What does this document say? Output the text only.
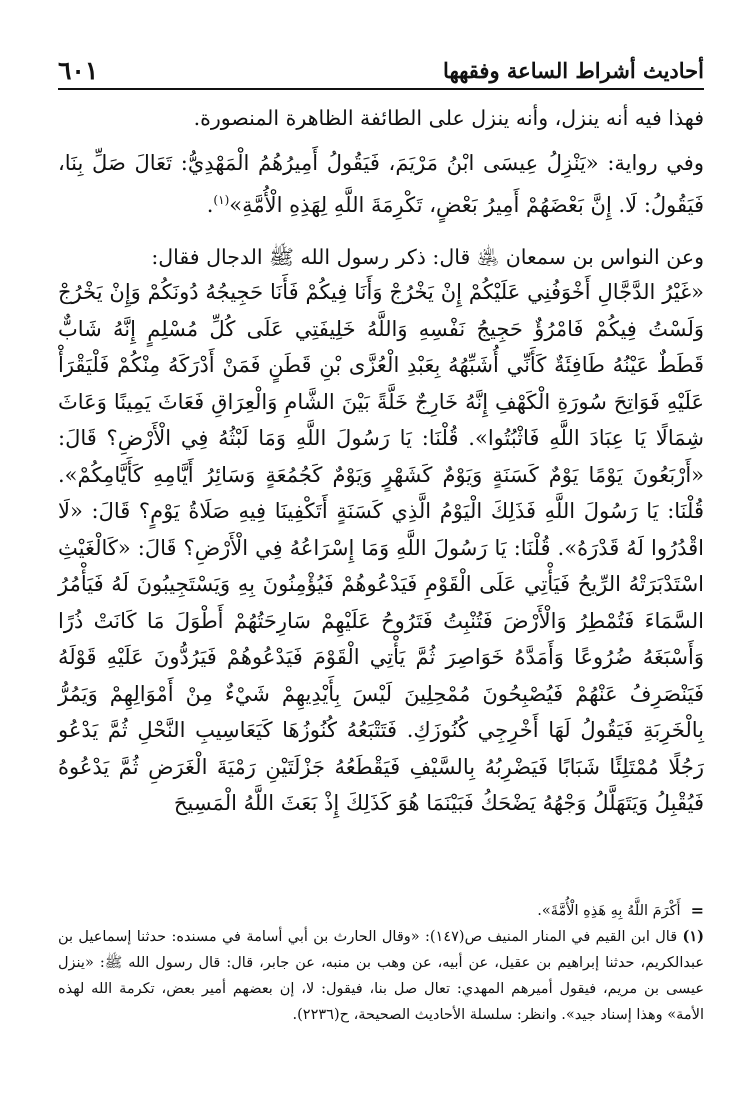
أحاديث أشراط الساعة وفقهها
٦٠١

فهذا فيه أنه ينزل، وأنه ينزل على الطائفة الظاهرة المنصورة.

وفي رواية: «يَنْزِلُ عِيسَى ابْنُ مَرْيَمَ، فَيَقُولُ أَمِيرُهُمُ الْمَهْدِيُّ: تَعَالَ صَلِّ بِنَا، فَيَقُولُ: لَا. إِنَّ بَعْضَهُمْ أَمِيرُ بَعْضٍ، تَكْرِمَةَ اللَّهِ لِهَذِهِ الْأُمَّةِ»$^{(١)}$.

وعن النواس بن سمعان ﵁ قال: ذكر رسول الله ﷺ الدجال فقال:

«غَيْرُ الدَّجَّالِ أَخْوَفُنِي عَلَيْكُمْ إِنْ يَخْرُجْ وَأَنَا فِيكُمْ فَأَنَا حَجِيجُهُ دُونَكُمْ وَإِنْ يَخْرُجْ وَلَسْتُ فِيكُمْ فَامْرُؤٌ حَجِيجُ نَفْسِهِ وَاللَّهُ خَلِيفَتِي عَلَى كُلِّ مُسْلِمٍ إِنَّهُ شَابٌّ قَطَطٌ عَيْنُهُ طَافِئَةٌ كَأَنِّي أُشَبِّهُهُ بِعَبْدِ الْعُزَّى بْنِ قَطَنٍ فَمَنْ أَدْرَكَهُ مِنْكُمْ فَلْيَقْرَأْ عَلَيْهِ فَوَاتِحَ سُورَةِ الْكَهْفِ إِنَّهُ خَارِجٌ خَلَّةً بَيْنَ الشَّامِ وَالْعِرَاقِ فَعَاثَ يَمِينًا وَعَاثَ شِمَالًا يَا عِبَادَ اللَّهِ فَاثْبُتُوا». قُلْنَا: يَا رَسُولَ اللَّهِ وَمَا لَبْثُهُ فِي الْأَرْضِ؟ قَالَ: «أَرْبَعُونَ يَوْمًا يَوْمٌ كَسَنَةٍ وَيَوْمٌ كَشَهْرٍ وَيَوْمٌ كَجُمُعَةٍ وَسَائِرُ أَيَّامِهِ كَأَيَّامِكُمْ». قُلْنَا: يَا رَسُولَ اللَّهِ فَذَلِكَ الْيَوْمُ الَّذِي كَسَنَةٍ أَتَكْفِينَا فِيهِ صَلَاةُ يَوْمٍ؟ قَالَ: «لَا اقْدُرُوا لَهُ قَدْرَهُ». قُلْنَا: يَا رَسُولَ اللَّهِ وَمَا إِسْرَاعُهُ فِي الْأَرْضِ؟ قَالَ: «كَالْغَيْثِ اسْتَدْبَرَتْهُ الرِّيحُ فَيَأْتِي عَلَى الْقَوْمِ فَيَدْعُوهُمْ فَيُؤْمِنُونَ بِهِ وَيَسْتَجِيبُونَ لَهُ فَيَأْمُرُ السَّمَاءَ فَتُمْطِرُ وَالْأَرْضَ فَتُنْبِتُ فَتَرُوحُ عَلَيْهِمْ سَارِحَتُهُمْ أَطْوَلَ مَا كَانَتْ ذُرًا وَأَسْبَغَهُ ضُرُوعًا وَأَمَدَّهُ خَوَاصِرَ ثُمَّ يَأْتِي الْقَوْمَ فَيَدْعُوهُمْ فَيَرُدُّونَ عَلَيْهِ قَوْلَهُ فَيَنْصَرِفُ عَنْهُمْ فَيُصْبِحُونَ مُمْحِلِينَ لَيْسَ بِأَيْدِيهِمْ شَيْءٌ مِنْ أَمْوَالِهِمْ وَيَمُرُّ بِالْخَرِبَةِ فَيَقُولُ لَهَا أَخْرِجِي كُنُوزَكِ. فَتَتْبَعُهُ كُنُوزُهَا كَيَعَاسِيبِ النَّحْلِ ثُمَّ يَدْعُو رَجُلًا مُمْتَلِئًا شَبَابًا فَيَضْرِبُهُ بِالسَّيْفِ فَيَقْطَعُهُ جَزْلَتَيْنِ رَمْيَةَ الْغَرَضِ ثُمَّ يَدْعُوهُ فَيُقْبِلُ وَيَتَهَلَّلُ وَجْهُهُ يَضْحَكُ فَبَيْنَمَا هُوَ كَذَلِكَ إِذْ بَعَثَ اللَّهُ الْمَسِيحَ

=
أَكْرَمَ اللَّهُ بِهِ هَذِهِ الْأُمَّةَ».

(١) قال ابن القيم في المنار المنيف ص(١٤٧): «وقال الحارث بن أبي أسامة في مسنده: حدثنا إسماعيل بن عبدالكريم، حدثنا إبراهيم بن عقيل، عن أبيه، عن وهب بن منبه، عن جابر، قال: قال رسول الله ﷺ: «ينزل عيسى بن مريم، فيقول أميرهم المهدي: تعال صل بنا، فيقول: لا، إن بعضهم أمير بعض، تكرمة الله لهذه الأمة» وهذا إسناد جيد». وانظر: سلسلة الأحاديث الصحيحة، ح(٢٢٣٦).
